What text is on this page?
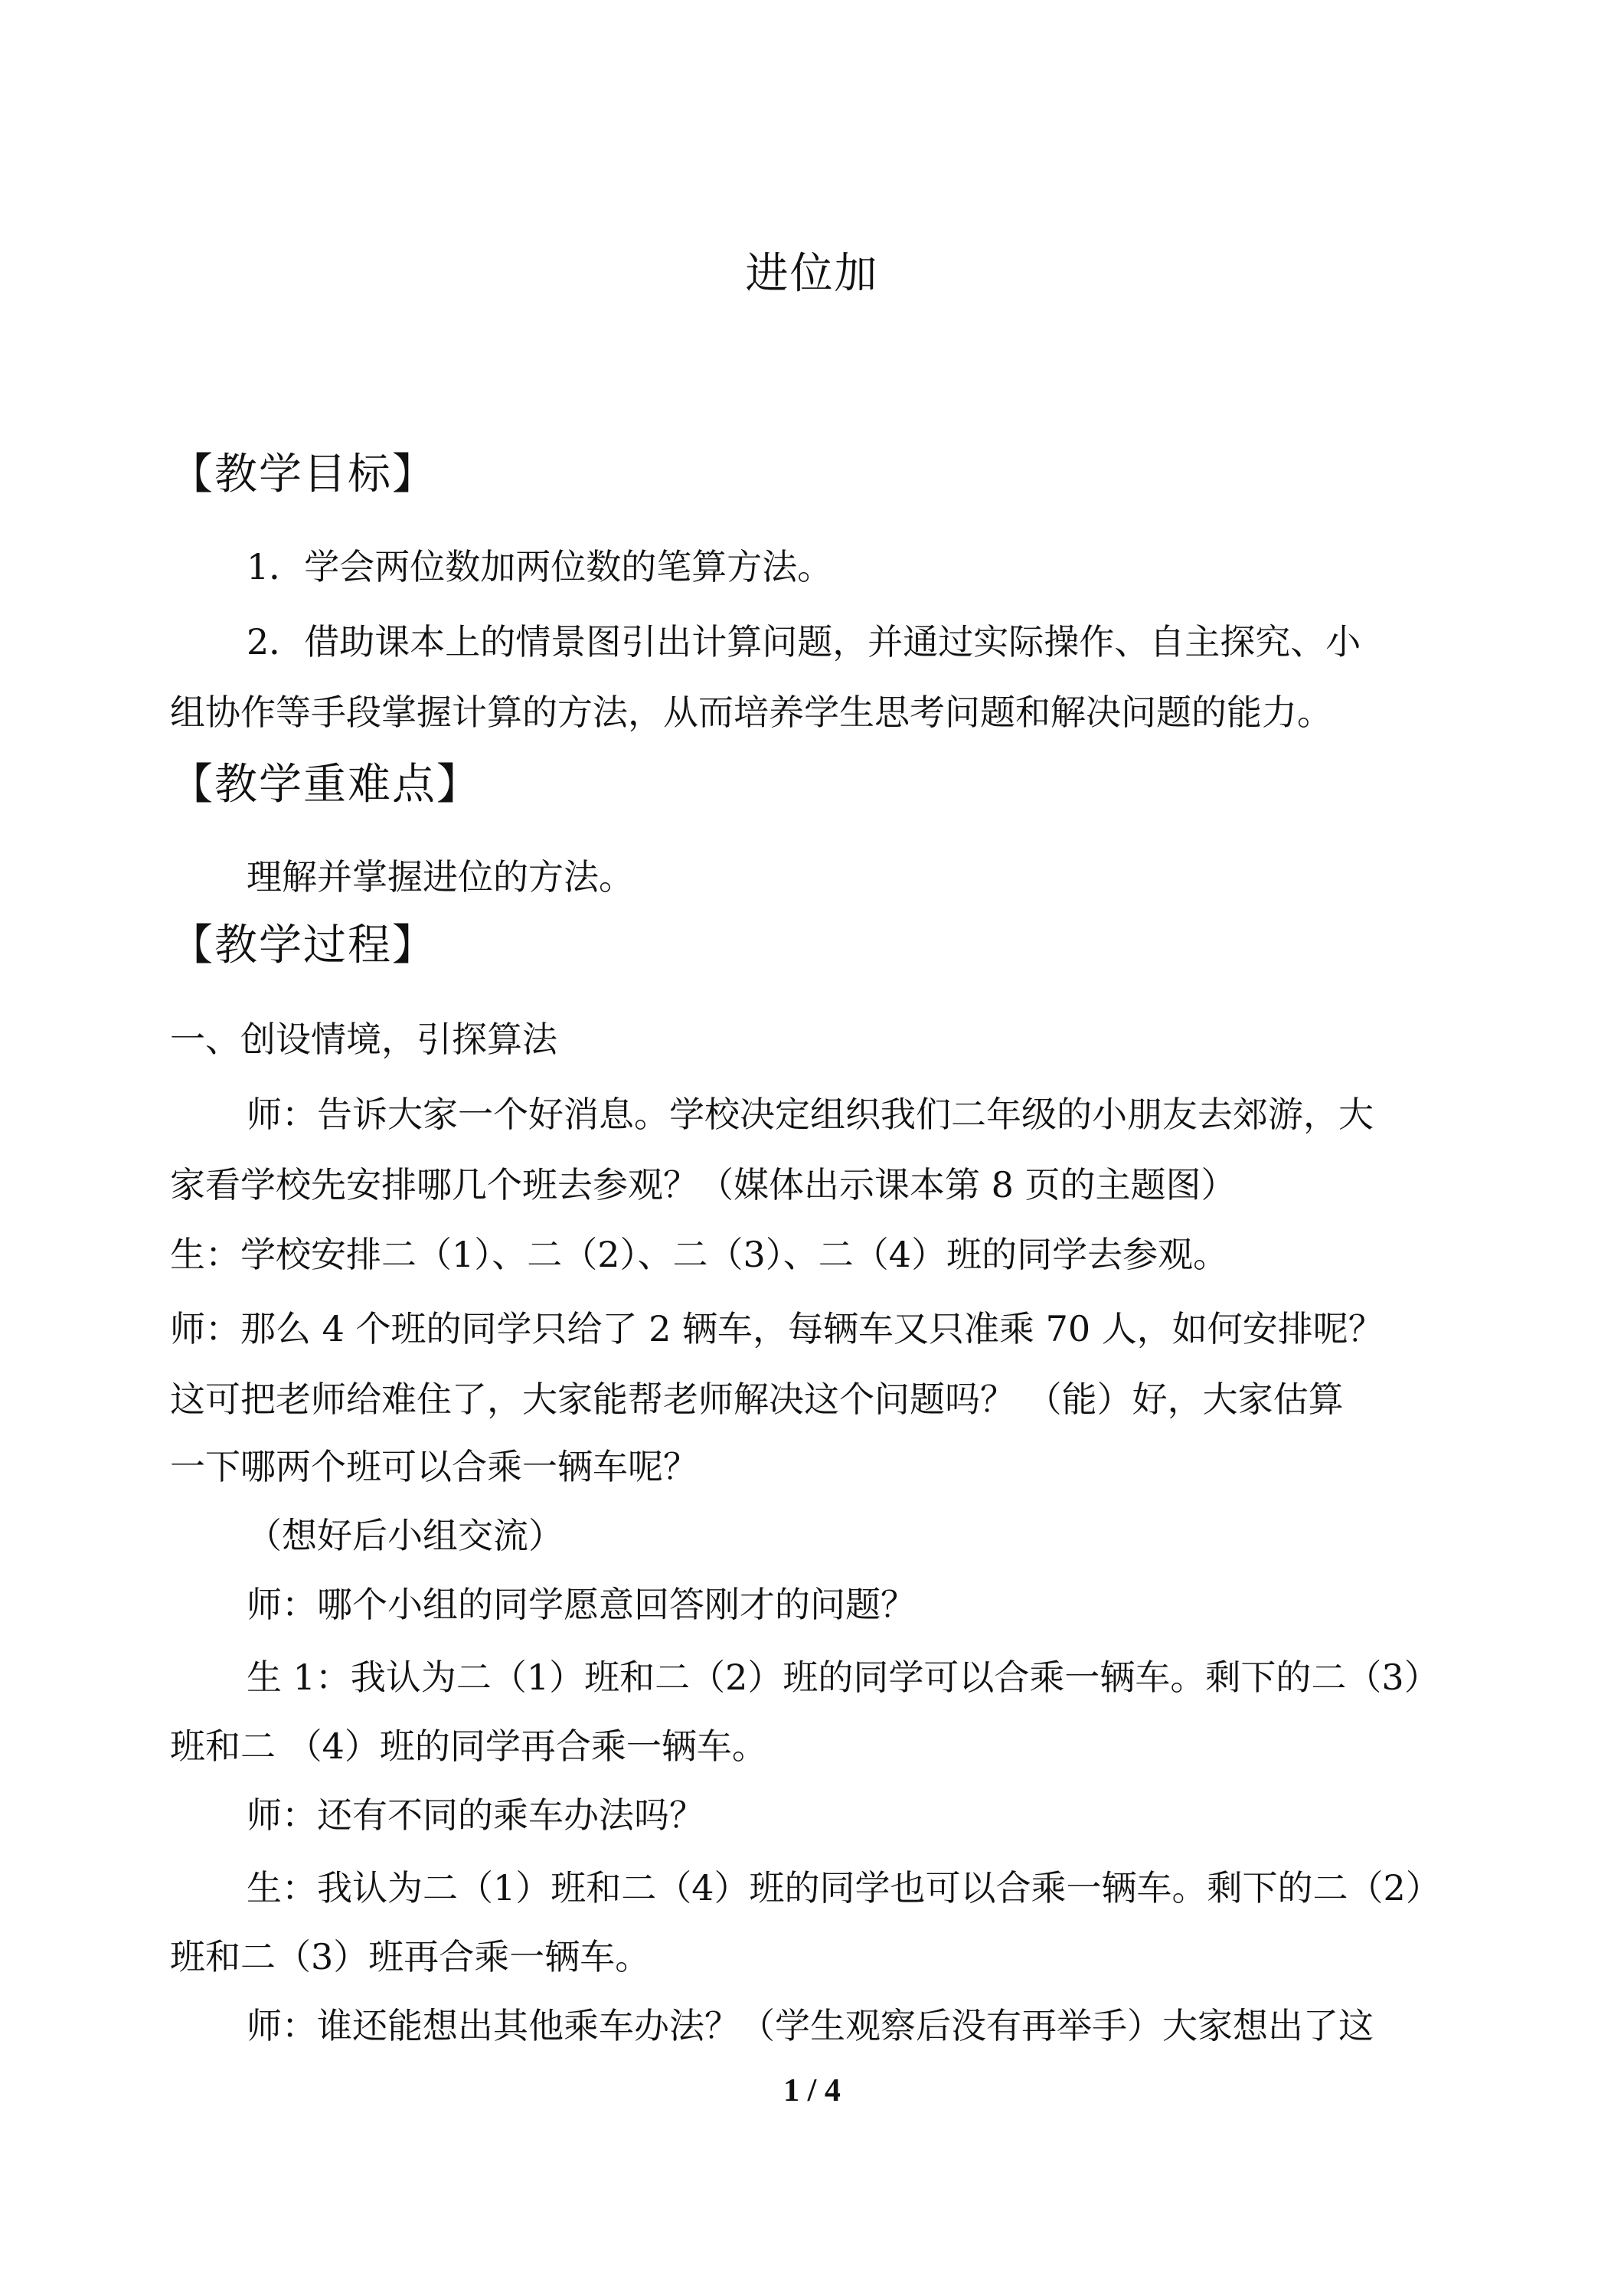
进位加
【教学目标】
1．学会两位数加两位数的笔算方法。
2．借助课本上的情景图引出计算问题，并通过实际操作、自主探究、小
组协作等手段掌握计算的方法，从而培养学生思考问题和解决问题的能力。
【教学重难点】
理解并掌握进位的方法。
【教学过程】
一、创设情境，引探算法
师：告诉大家一个好消息。学校决定组织我们二年级的小朋友去郊游，大
家看学校先安排哪几个班去参观？（媒体出示课本第 8 页的主题图）
生：学校安排二（1）、二（2）、二（3）、二（4）班的同学去参观。
师：那么 4 个班的同学只给了 2 辆车，每辆车又只准乘 70 人，如何安排呢？
这可把老师给难住了，大家能帮老师解决这个问题吗？ （能）好，大家估算
一下哪两个班可以合乘一辆车呢？
（想好后小组交流）
师：哪个小组的同学愿意回答刚才的问题？
生 1：我认为二（1）班和二（2）班的同学可以合乘一辆车。剩下的二（3）
班和二 （4）班的同学再合乘一辆车。
师：还有不同的乘车办法吗？
生：我认为二（1）班和二（4）班的同学也可以合乘一辆车。剩下的二（2）
班和二（3）班再合乘一辆车。
师：谁还能想出其他乘车办法？（学生观察后没有再举手）大家想出了这
1 / 4
